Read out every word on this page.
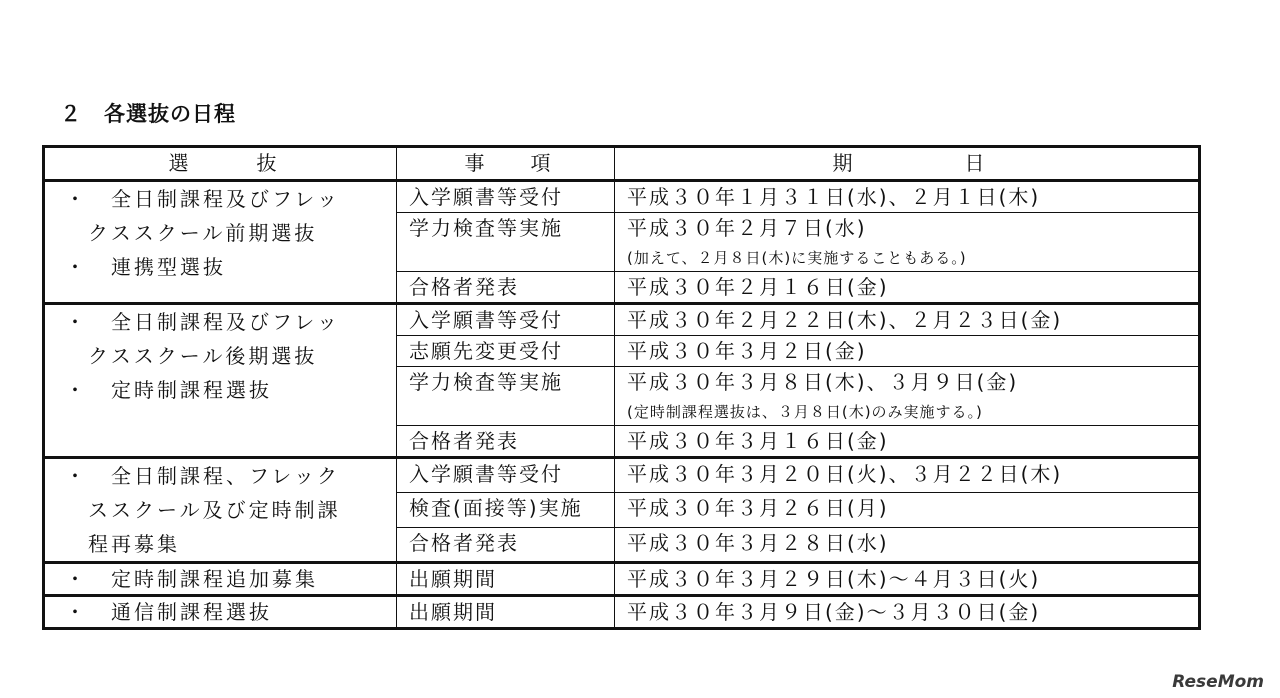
２　各選抜の日程
選　　　抜	事　　項	期　　　　　日

・　全日制課程及びフレッ
　クススクール前期選抜
・　連携型選抜	入学願書等受付	平成３０年１月３１日(水)、２月１日(木)
	学力検査等実施	平成３０年２月７日(水)
(加えて、２月８日(木)に実施することもある。)

	合格者発表	平成３０年２月１６日(金)

・　全日制課程及びフレッ
　クススクール後期選抜
・　定時制課程選抜	入学願書等受付	平成３０年２月２２日(木)、２月２３日(金)
	志願先変更受付	平成３０年３月２日(金)
	学力検査等実施	平成３０年３月８日(木)、３月９日(金)
(定時制課程選抜は、３月８日(木)のみ実施する。)

	合格者発表	平成３０年３月１６日(金)

・　全日制課程、フレック
　ススクール及び定時制課
　程再募集	入学願書等受付	平成３０年３月２０日(火)、３月２２日(木)
	検査(面接等)実施	平成３０年３月２６日(月)
	合格者発表	平成３０年３月２８日(水)

・　定時制課程追加募集	出願期間	平成３０年３月２９日(木)～４月３日(火)

・　通信制課程選抜	出願期間	平成３０年３月９日(金)～３月３０日(金)
ReseMom
